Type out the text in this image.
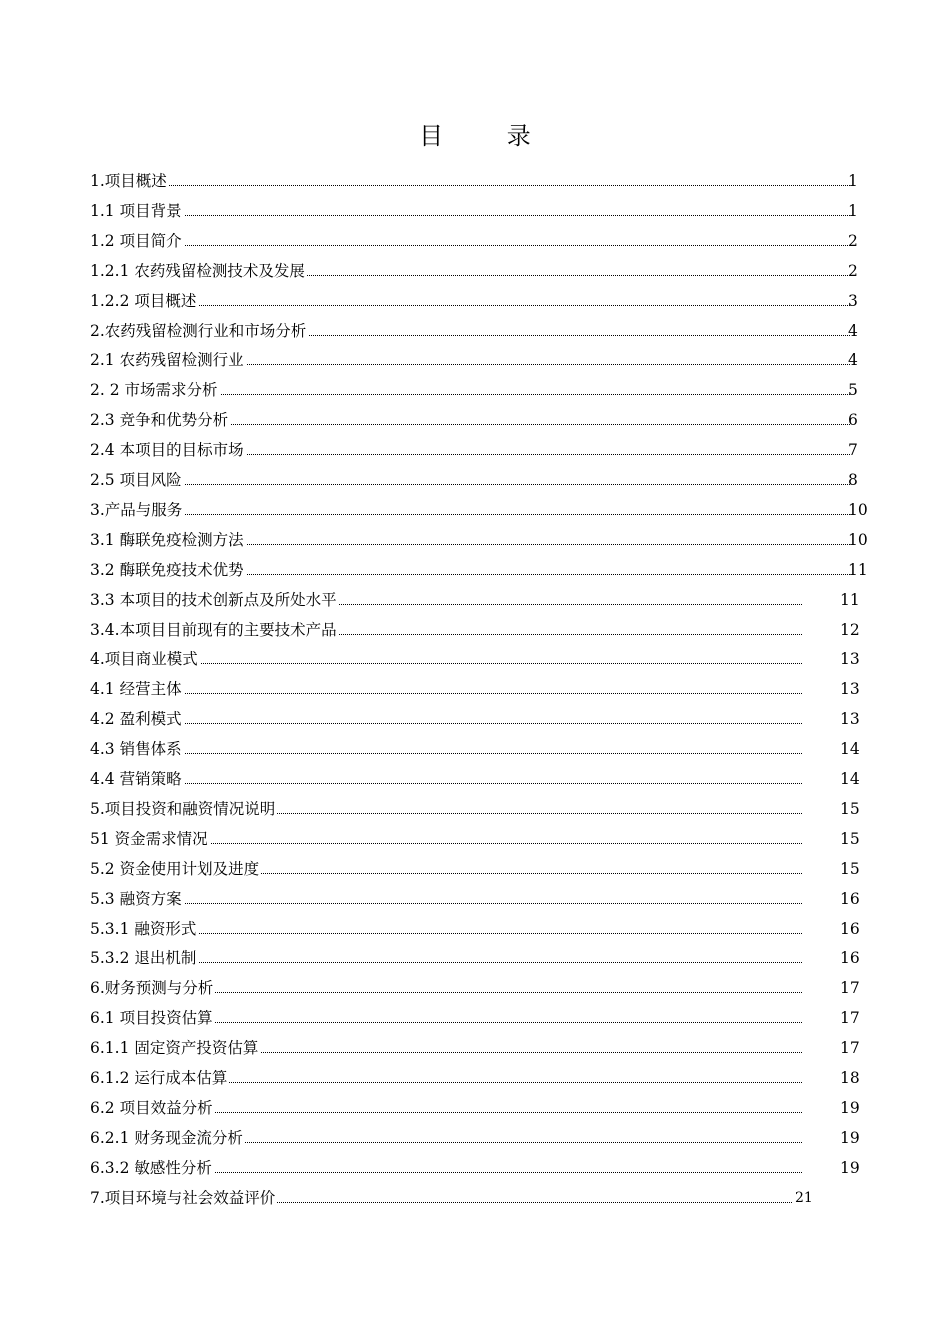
目 录
1.项目概述	1
1.1 项目背景	1
1.2 项目简介	2
1.2.1 农药残留检测技术及发展	2
1.2.2 项目概述	3
2.农药残留检测行业和市场分析	4
2.1 农药残留检测行业	4
2. 2 市场需求分析	5
2.3 竞争和优势分析	6
2.4 本项目的目标市场	7
2.5 项目风险	8
3.产品与服务	10
3.1 酶联免疫检测方法	10
3.2 酶联免疫技术优势	11
3.3 本项目的技术创新点及所处水平	11
3.4.本项目目前现有的主要技术产品	12
4.项目商业模式	13
4.1 经营主体	13
4.2 盈利模式	13
4.3 销售体系	14
4.4 营销策略	14
5.项目投资和融资情况说明	15
51 资金需求情况	15
5.2 资金使用计划及进度	15
5.3 融资方案	16
5.3.1 融资形式	16
5.3.2 退出机制	16
6.财务预测与分析	17
6.1 项目投资估算	17
6.1.1 固定资产投资估算	17
6.1.2 运行成本估算	18
6.2 项目效益分析	19
6.2.1 财务现金流分析	19
6.3.2 敏感性分析	19
7.项目环境与社会效益评价	21
